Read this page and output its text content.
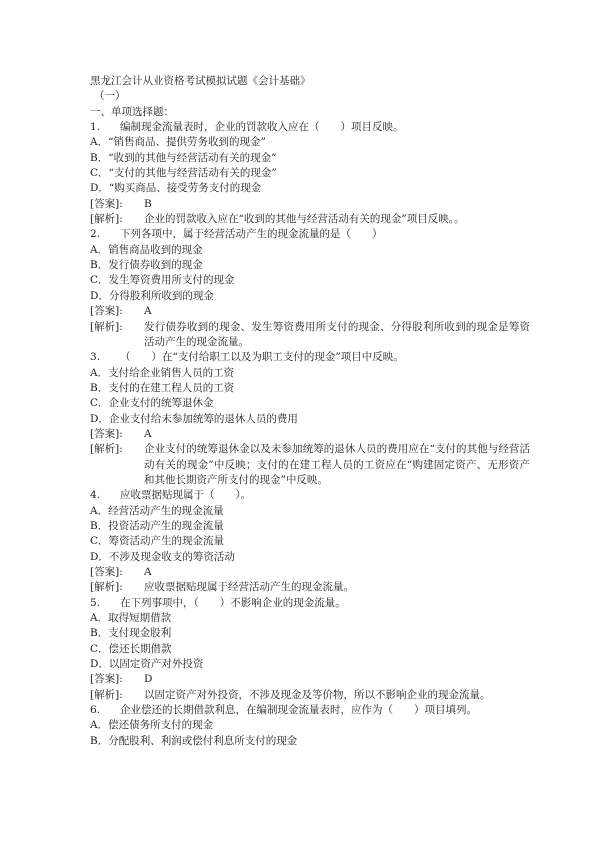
黑龙江会计从业资格考试模拟试题《会计基础》
（一）
一、单项选择题：
1.	编制现金流量表时，企业的罚款收入应在（　　）项目反映。
A．“销售商品、提供劳务收到的现金”
B．“收到的其他与经营活动有关的现金”
C．“支付的其他与经营活动有关的现金”
D．“购买商品、接受劳务支付的现金
[答案]:	B
[解析]:	企业的罚款收入应在“收到的其他与经营活动有关的现金”项目反映。。
2.	下列各项中，属于经营活动产生的现金流量的是（　　）
A．销售商品收到的现金
B．发行债券收到的现金
C．发生筹资费用所支付的现金
D．分得股利所收到的现金
[答案]:	A
[解析]:	发行债券收到的现金、发生筹资费用所支付的现金、分得股利所收到的现金是筹资活动产生的现金流量。
3.	（　　）在“支付给职工以及为职工支付的现金”项目中反映。
A．支付给企业销售人员的工资
B．支付的在建工程人员的工资
C．企业支付的统筹退休金
D．企业支付给未参加统筹的退休人员的费用
[答案]:	A
[解析]:	企业支付的统筹退休金以及未参加统筹的退休人员的费用应在“支付的其他与经营活动有关的现金”中反映；支付的在建工程人员的工资应在“购建固定资产、无形资产和其他长期资产所支付的现金”中反映。
4.	应收票据贴现属于（　　）。
A．经营活动产生的现金流量
B．投资活动产生的现金流量
C．筹资活动产生的现金流量
D．不涉及现金收支的筹资活动
[答案]:	A
[解析]:	应收票据贴现属于经营活动产生的现金流量。
5.	在下列事项中，（　　）不影响企业的现金流量。
A．取得短期借款
B．支付现金股利
C．偿还长期借款
D．以固定资产对外投资
[答案]:	D
[解析]:	以固定资产对外投资，不涉及现金及等价物，所以不影响企业的现金流量。
6.	企业偿还的长期借款利息，在编制现金流量表时，应作为（　　）项目填列。
A．偿还债务所支付的现金
B．分配股利、利润或偿付利息所支付的现金
